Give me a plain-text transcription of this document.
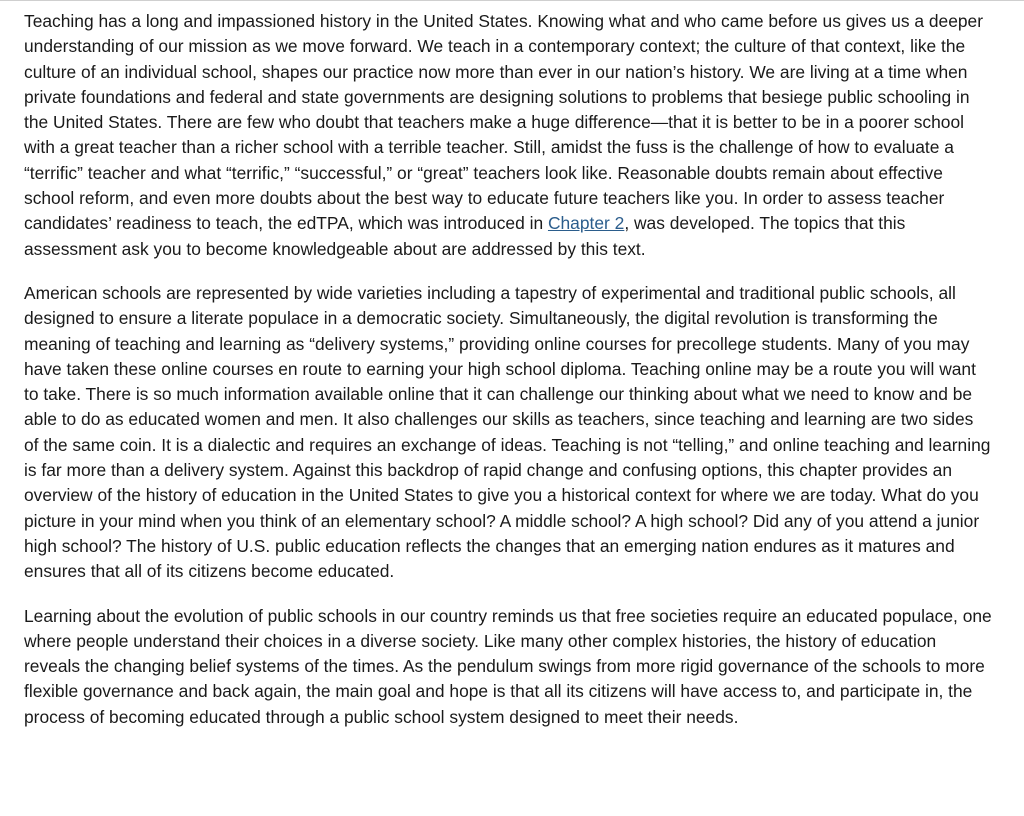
Teaching has a long and impassioned history in the United States. Knowing what and who came before us gives us a deeper understanding of our mission as we move forward. We teach in a contemporary context; the culture of that context, like the culture of an individual school, shapes our practice now more than ever in our nation’s history. We are living at a time when private foundations and federal and state governments are designing solutions to problems that besiege public schooling in the United States. There are few who doubt that teachers make a huge difference—that it is better to be in a poorer school with a great teacher than a richer school with a terrible teacher. Still, amidst the fuss is the challenge of how to evaluate a “terrific” teacher and what “terrific,” “successful,” or “great” teachers look like. Reasonable doubts remain about effective school reform, and even more doubts about the best way to educate future teachers like you. In order to assess teacher candidates’ readiness to teach, the edTPA, which was introduced in Chapter 2, was developed. The topics that this assessment ask you to become knowledgeable about are addressed by this text.

American schools are represented by wide varieties including a tapestry of experimental and traditional public schools, all designed to ensure a literate populace in a democratic society. Simultaneously, the digital revolution is transforming the meaning of teaching and learning as “delivery systems,” providing online courses for precollege students. Many of you may have taken these online courses en route to earning your high school diploma. Teaching online may be a route you will want to take. There is so much information available online that it can challenge our thinking about what we need to know and be able to do as educated women and men. It also challenges our skills as teachers, since teaching and learning are two sides of the same coin. It is a dialectic and requires an exchange of ideas. Teaching is not “telling,” and online teaching and learning is far more than a delivery system. Against this backdrop of rapid change and confusing options, this chapter provides an overview of the history of education in the United States to give you a historical context for where we are today. What do you picture in your mind when you think of an elementary school? A middle school? A high school? Did any of you attend a junior high school? The history of U.S. public education reflects the changes that an emerging nation endures as it matures and ensures that all of its citizens become educated.

Learning about the evolution of public schools in our country reminds us that free societies require an educated populace, one where people understand their choices in a diverse society. Like many other complex histories, the history of education reveals the changing belief systems of the times. As the pendulum swings from more rigid governance of the schools to more flexible governance and back again, the main goal and hope is that all its citizens will have access to, and participate in, the process of becoming educated through a public school system designed to meet their needs.
